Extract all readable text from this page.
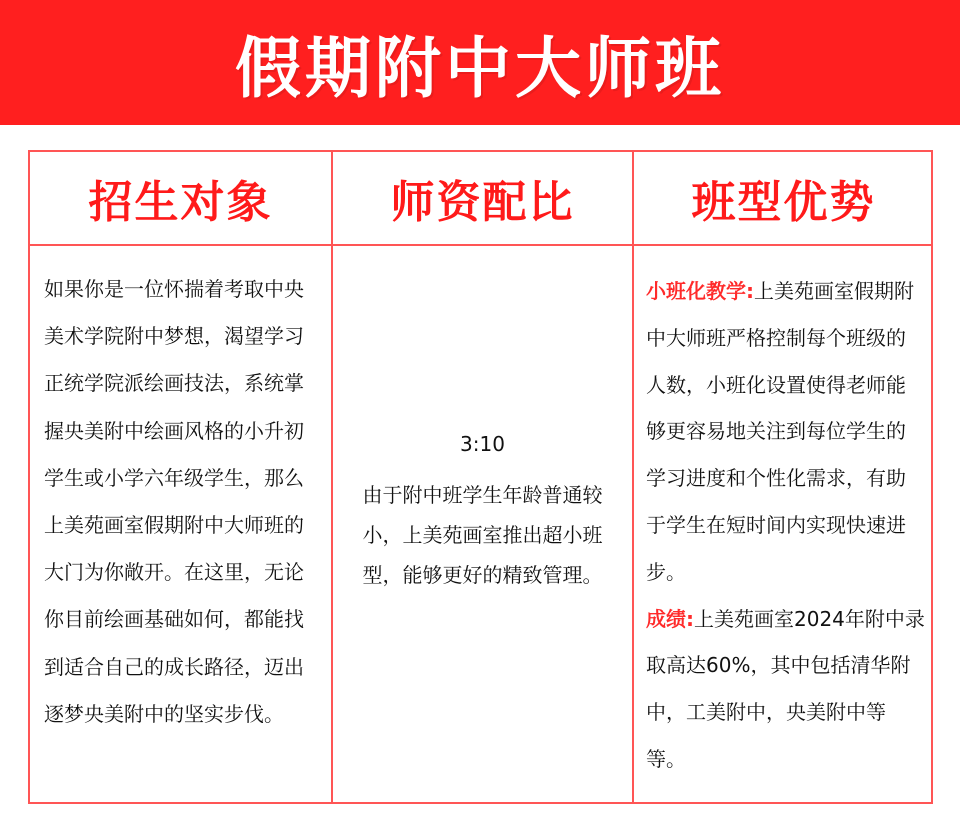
假期附中大师班
招生对象	师资配比	班型优势
如果你是一位怀揣着考取中央美术学院附中梦想，渴望学习正统学院派绘画技法，系统掌握央美附中绘画风格的小升初学生或小学六年级学生，那么上美苑画室假期附中大师班的大门为你敞开。在这里，无论你目前绘画基础如何，都能找到适合自己的成长路径，迈出逐梦央美附中的坚实步伐。
3:10
由于附中班学生年龄普通较小，上美苑画室推出超小班型，能够更好的精致管理。
小班化教学:上美苑画室假期附中大师班严格控制每个班级的人数，小班化设置使得老师能够更容易地关注到每位学生的学习进度和个性化需求，有助于学生在短时间内实现快速进步。
成绩:上美苑画室2024年附中录取高达60%，其中包括清华附中，工美附中，央美附中等等。
